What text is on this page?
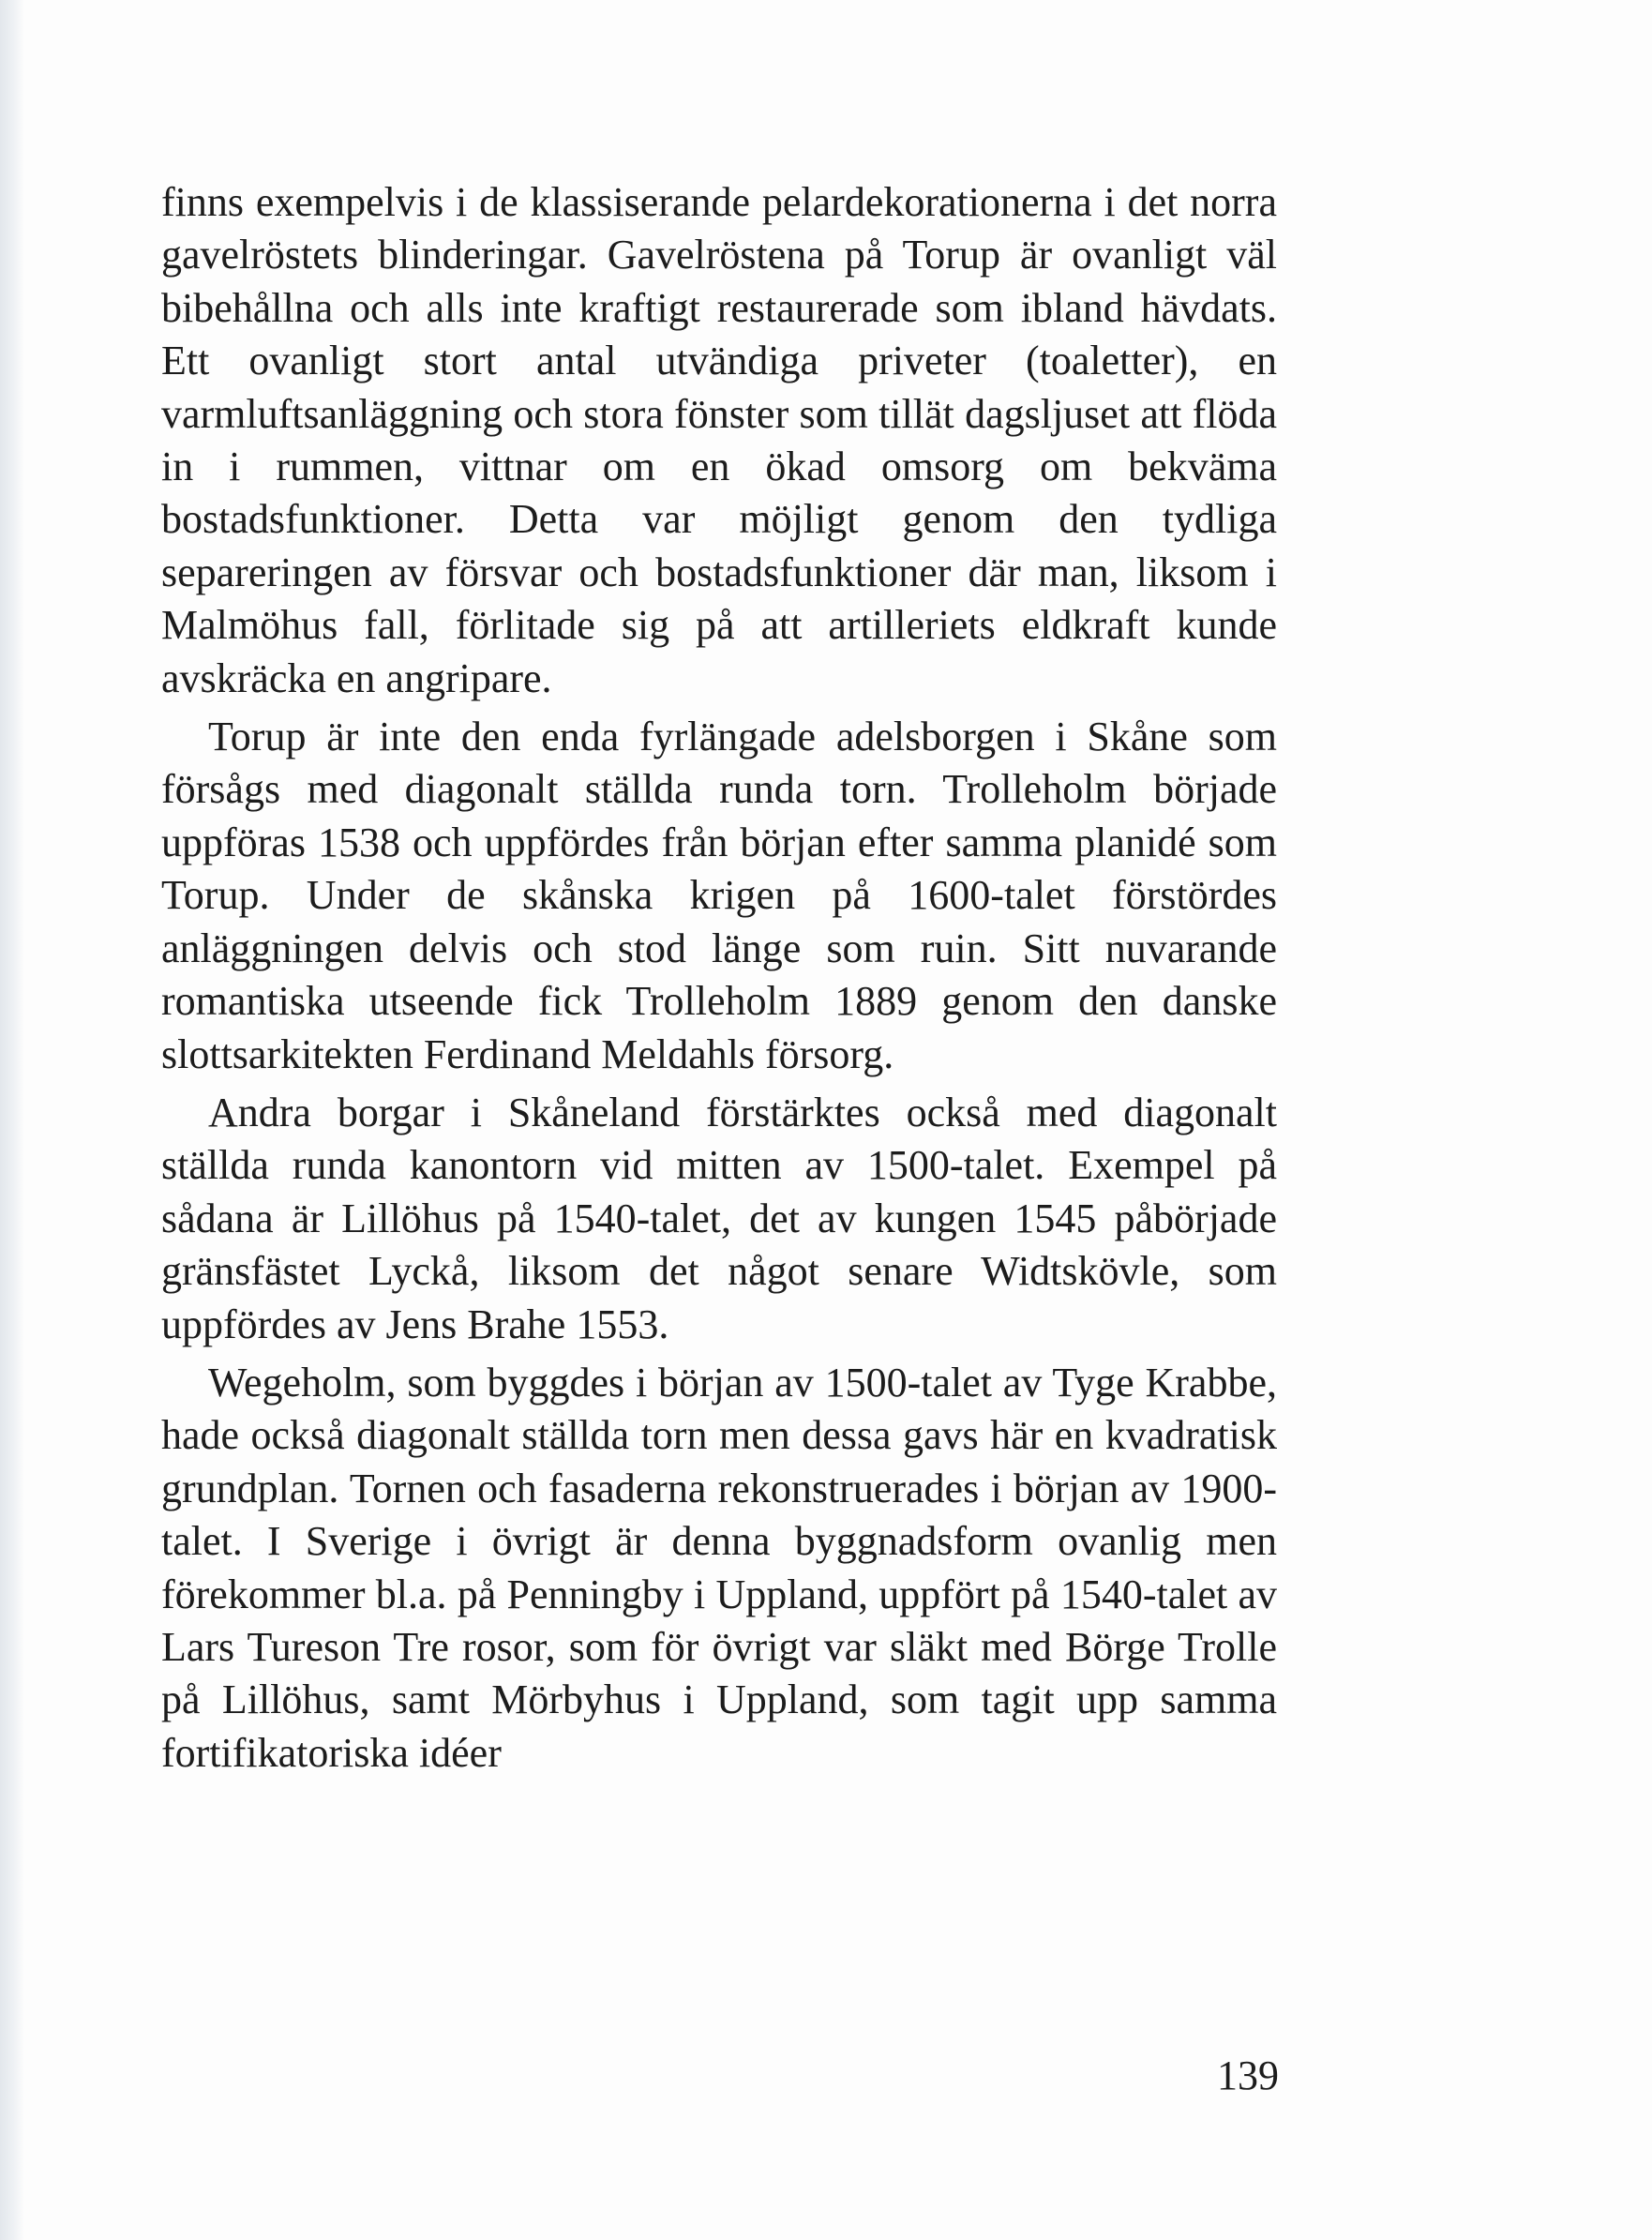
finns exempelvis i de klassiserande pelardekorationerna i det norra gavelröstets blinderingar. Gavelröstena på Torup är ovanligt väl bibehållna och alls inte kraftigt restaurerade som ibland hävdats. Ett ovanligt stort antal utvändiga priveter (toaletter), en varmluftsanläggning och stora fönster som tillät dagsljuset att flöda in i rummen, vittnar om en ökad omsorg om bekväma bostadsfunktioner. Detta var möjligt genom den tydliga separeringen av försvar och bostadsfunktioner där man, liksom i Malmöhus fall, förlitade sig på att artilleriets eldkraft kunde avskräcka en angripare.

Torup är inte den enda fyrlängade adelsborgen i Skåne som försågs med diagonalt ställda runda torn. Trolleholm började uppföras 1538 och uppfördes från början efter samma planidé som Torup. Under de skånska krigen på 1600-talet förstördes anläggningen delvis och stod länge som ruin. Sitt nuvarande romantiska utseende fick Trolleholm 1889 genom den danske slottsarkitekten Ferdinand Meldahls försorg.

Andra borgar i Skåneland förstärktes också med diagonalt ställda runda kanontorn vid mitten av 1500-talet. Exempel på sådana är Lillöhus på 1540-talet, det av kungen 1545 påbörjade gränsfästet Lyckå, liksom det något senare Widtskövle, som uppfördes av Jens Brahe 1553.

Wegeholm, som byggdes i början av 1500-talet av Tyge Krabbe, hade också diagonalt ställda torn men dessa gavs här en kvadratisk grundplan. Tornen och fasaderna rekonstruerades i början av 1900-talet. I Sverige i övrigt är denna byggnadsform ovanlig men förekommer bl.a. på Penningby i Uppland, uppfört på 1540-talet av Lars Tureson Tre rosor, som för övrigt var släkt med Börge Trolle på Lillöhus, samt Mörbyhus i Uppland, som tagit upp samma fortifikatoriska idéer

139
